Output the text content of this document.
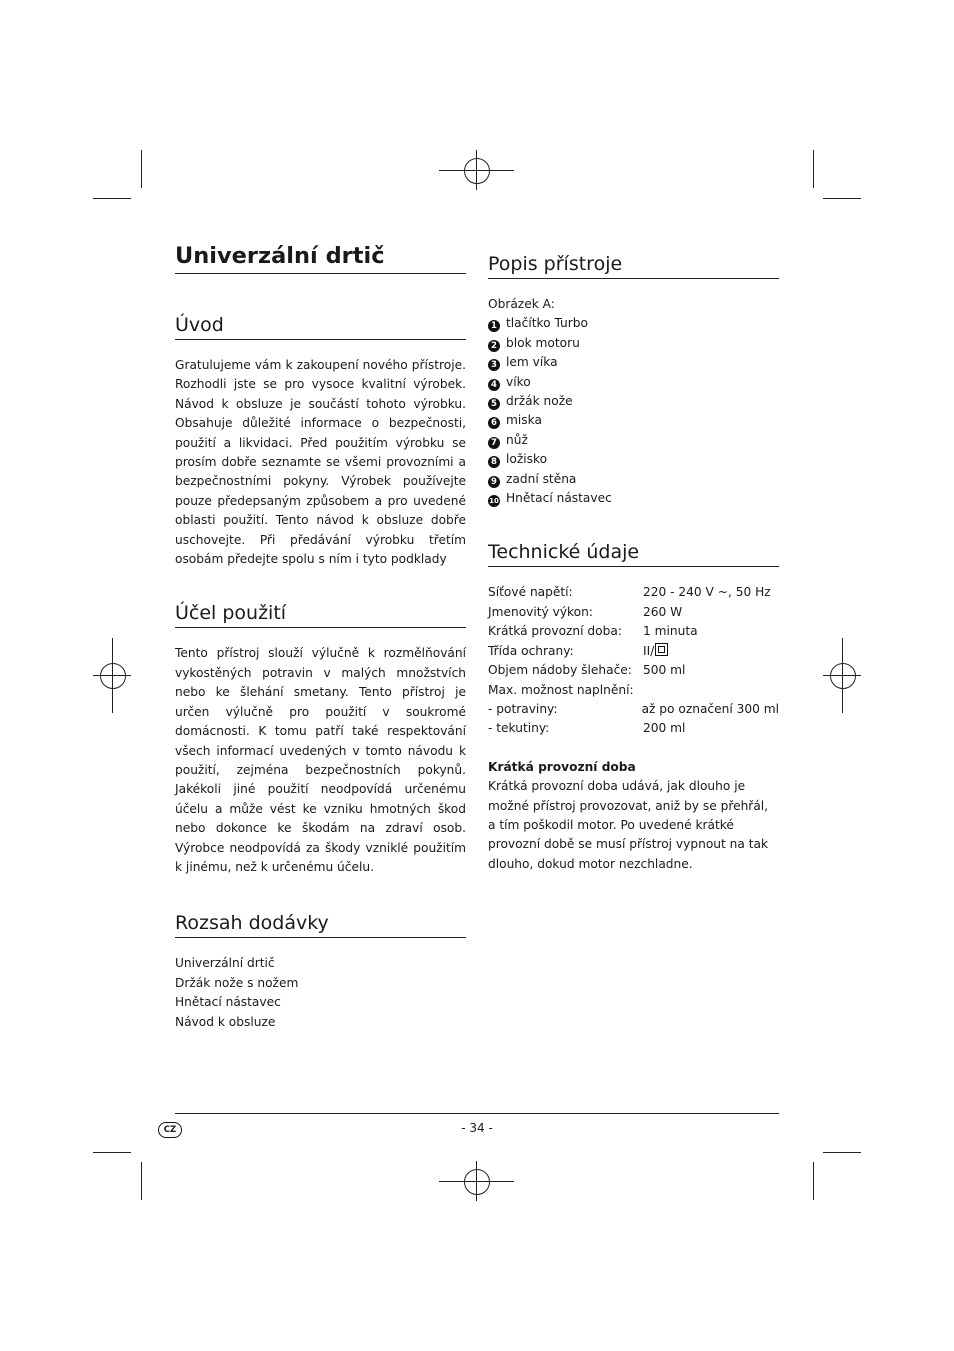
Univerzální drtič
Úvod

Gratulujeme vám k zakoupení nového přístroje. Rozhodli jste se pro vysoce kvalitní výrobek. Návod k obsluze je součástí tohoto výrobku. Obsahuje důležité informace o bezpečnosti, použití a likvidaci. Před použitím výrobku se prosím dobře seznamte se všemi provozními a bezpečnostními pokyny. Výrobek používejte pouze předepsaným způsobem a pro uvedené oblasti použití. Tento návod k obsluze dobře uschovejte. Při předávání výrobku třetím osobám předejte spolu s ním i tyto podklady

Účel použití

Tento přístroj slouží výlučně k rozmělňování vykostěných potravin v malých množstvích nebo ke šlehání smetany. Tento přístroj je určen výlučně pro použití v soukromé domácnosti. K tomu patří také respektování všech informací uvedených v tomto návodu k použití, zejména bezpečnostních pokynů. Jakékoli jiné použití neodpovídá určenému účelu a může vést ke vzniku hmotných škod nebo dokonce ke škodám na zdraví osob. Výrobce neodpovídá za škody vzniklé použitím k jinému, než k určenému účelu.

Rozsah dodávky
Univerzální drtič
Držák nože s nožem
Hnětací nástavec
Návod k obsluze
Popis přístroje
Obrázek A:
1 tlačítko Turbo
2 blok motoru
3 lem víka
4 víko
5 držák nože
6 miska
7 nůž
8 ložisko
9 zadní stěna
10 Hnětací nástavec
Technické údaje
Síťové napětí:	220 - 240 V ~, 50 Hz
Jmenovitý výkon:	260 W
Krátká provozní doba:	1 minuta
Třída ochrany:	II/
Objem nádoby šlehače: 500 ml
Max. možnost naplnění:
- potraviny:	až po označení 300 ml
- tekutiny:	200 ml
Krátká provozní doba

Krátká provozní doba udává, jak dlouho je možné přístroj provozovat, aniž by se přehřál, a tím poškodil motor. Po uvedené krátké provozní době se musí přístroj vypnout na tak dlouho, dokud motor nezchladne.

CZ	- 34 -
